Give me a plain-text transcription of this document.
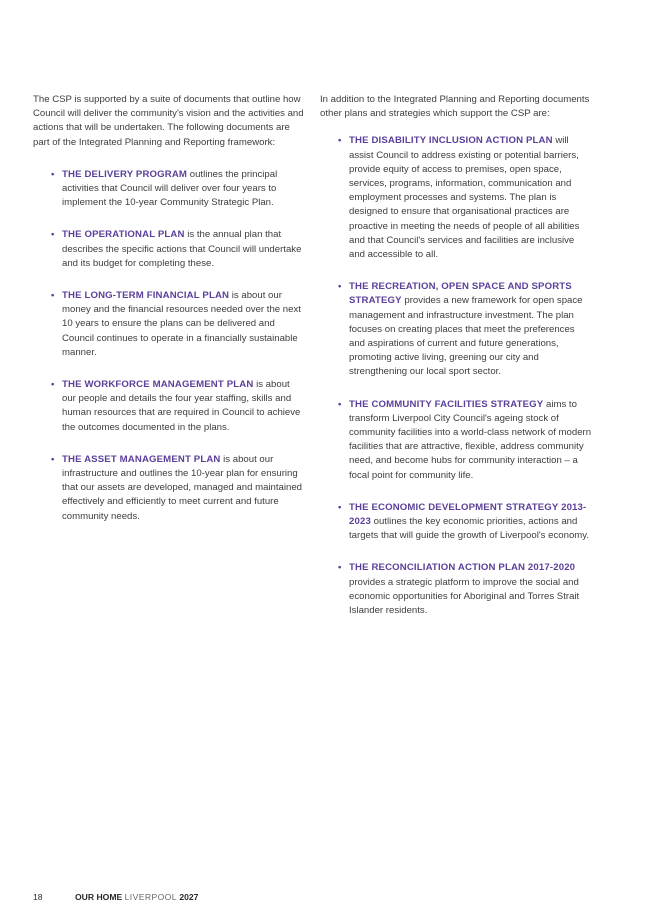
The CSP is supported by a suite of documents that outline how Council will deliver the community's vision and the activities and actions that will be undertaken. The following documents are part of the Integrated Planning and Reporting framework:

• THE DELIVERY PROGRAM outlines the principal activities that Council will deliver over four years to implement the 10-year Community Strategic Plan.
• THE OPERATIONAL PLAN is the annual plan that describes the specific actions that Council will undertake and its budget for completing these.
• THE LONG-TERM FINANCIAL PLAN is about our money and the financial resources needed over the next 10 years to ensure the plans can be delivered and Council continues to operate in a financially sustainable manner.
• THE WORKFORCE MANAGEMENT PLAN is about our people and details the four year staffing, skills and human resources that are required in Council to achieve the outcomes documented in the plans.
• THE ASSET MANAGEMENT PLAN is about our infrastructure and outlines the 10-year plan for ensuring that our assets are developed, managed and maintained effectively and efficiently to meet current and future community needs.

In addition to the Integrated Planning and Reporting documents other plans and strategies which support the CSP are:

• THE DISABILITY INCLUSION ACTION PLAN will assist Council to address existing or potential barriers, provide equity of access to premises, open space, services, programs, information, communication and employment processes and systems. The plan is designed to ensure that organisational practices are proactive in meeting the needs of people of all abilities and that Council's services and facilities are inclusive and accessible to all.
• THE RECREATION, OPEN SPACE AND SPORTS STRATEGY provides a new framework for open space management and infrastructure investment. The plan focuses on creating places that meet the preferences and aspirations of current and future generations, promoting active living, greening our city and strengthening our local sport sector.
• THE COMMUNITY FACILITIES STRATEGY aims to transform Liverpool City Council's ageing stock of community facilities into a world-class network of modern facilities that are attractive, flexible, address community need, and become hubs for community interaction – a focal point for community life.
• THE ECONOMIC DEVELOPMENT STRATEGY 2013-2023 outlines the key economic priorities, actions and targets that will guide the growth of Liverpool's economy.
• THE RECONCILIATION ACTION PLAN 2017-2020 provides a strategic platform to improve the social and economic opportunities for Aboriginal and Torres Strait Islander residents.
18	OUR HOME LIVERPOOL 2027
